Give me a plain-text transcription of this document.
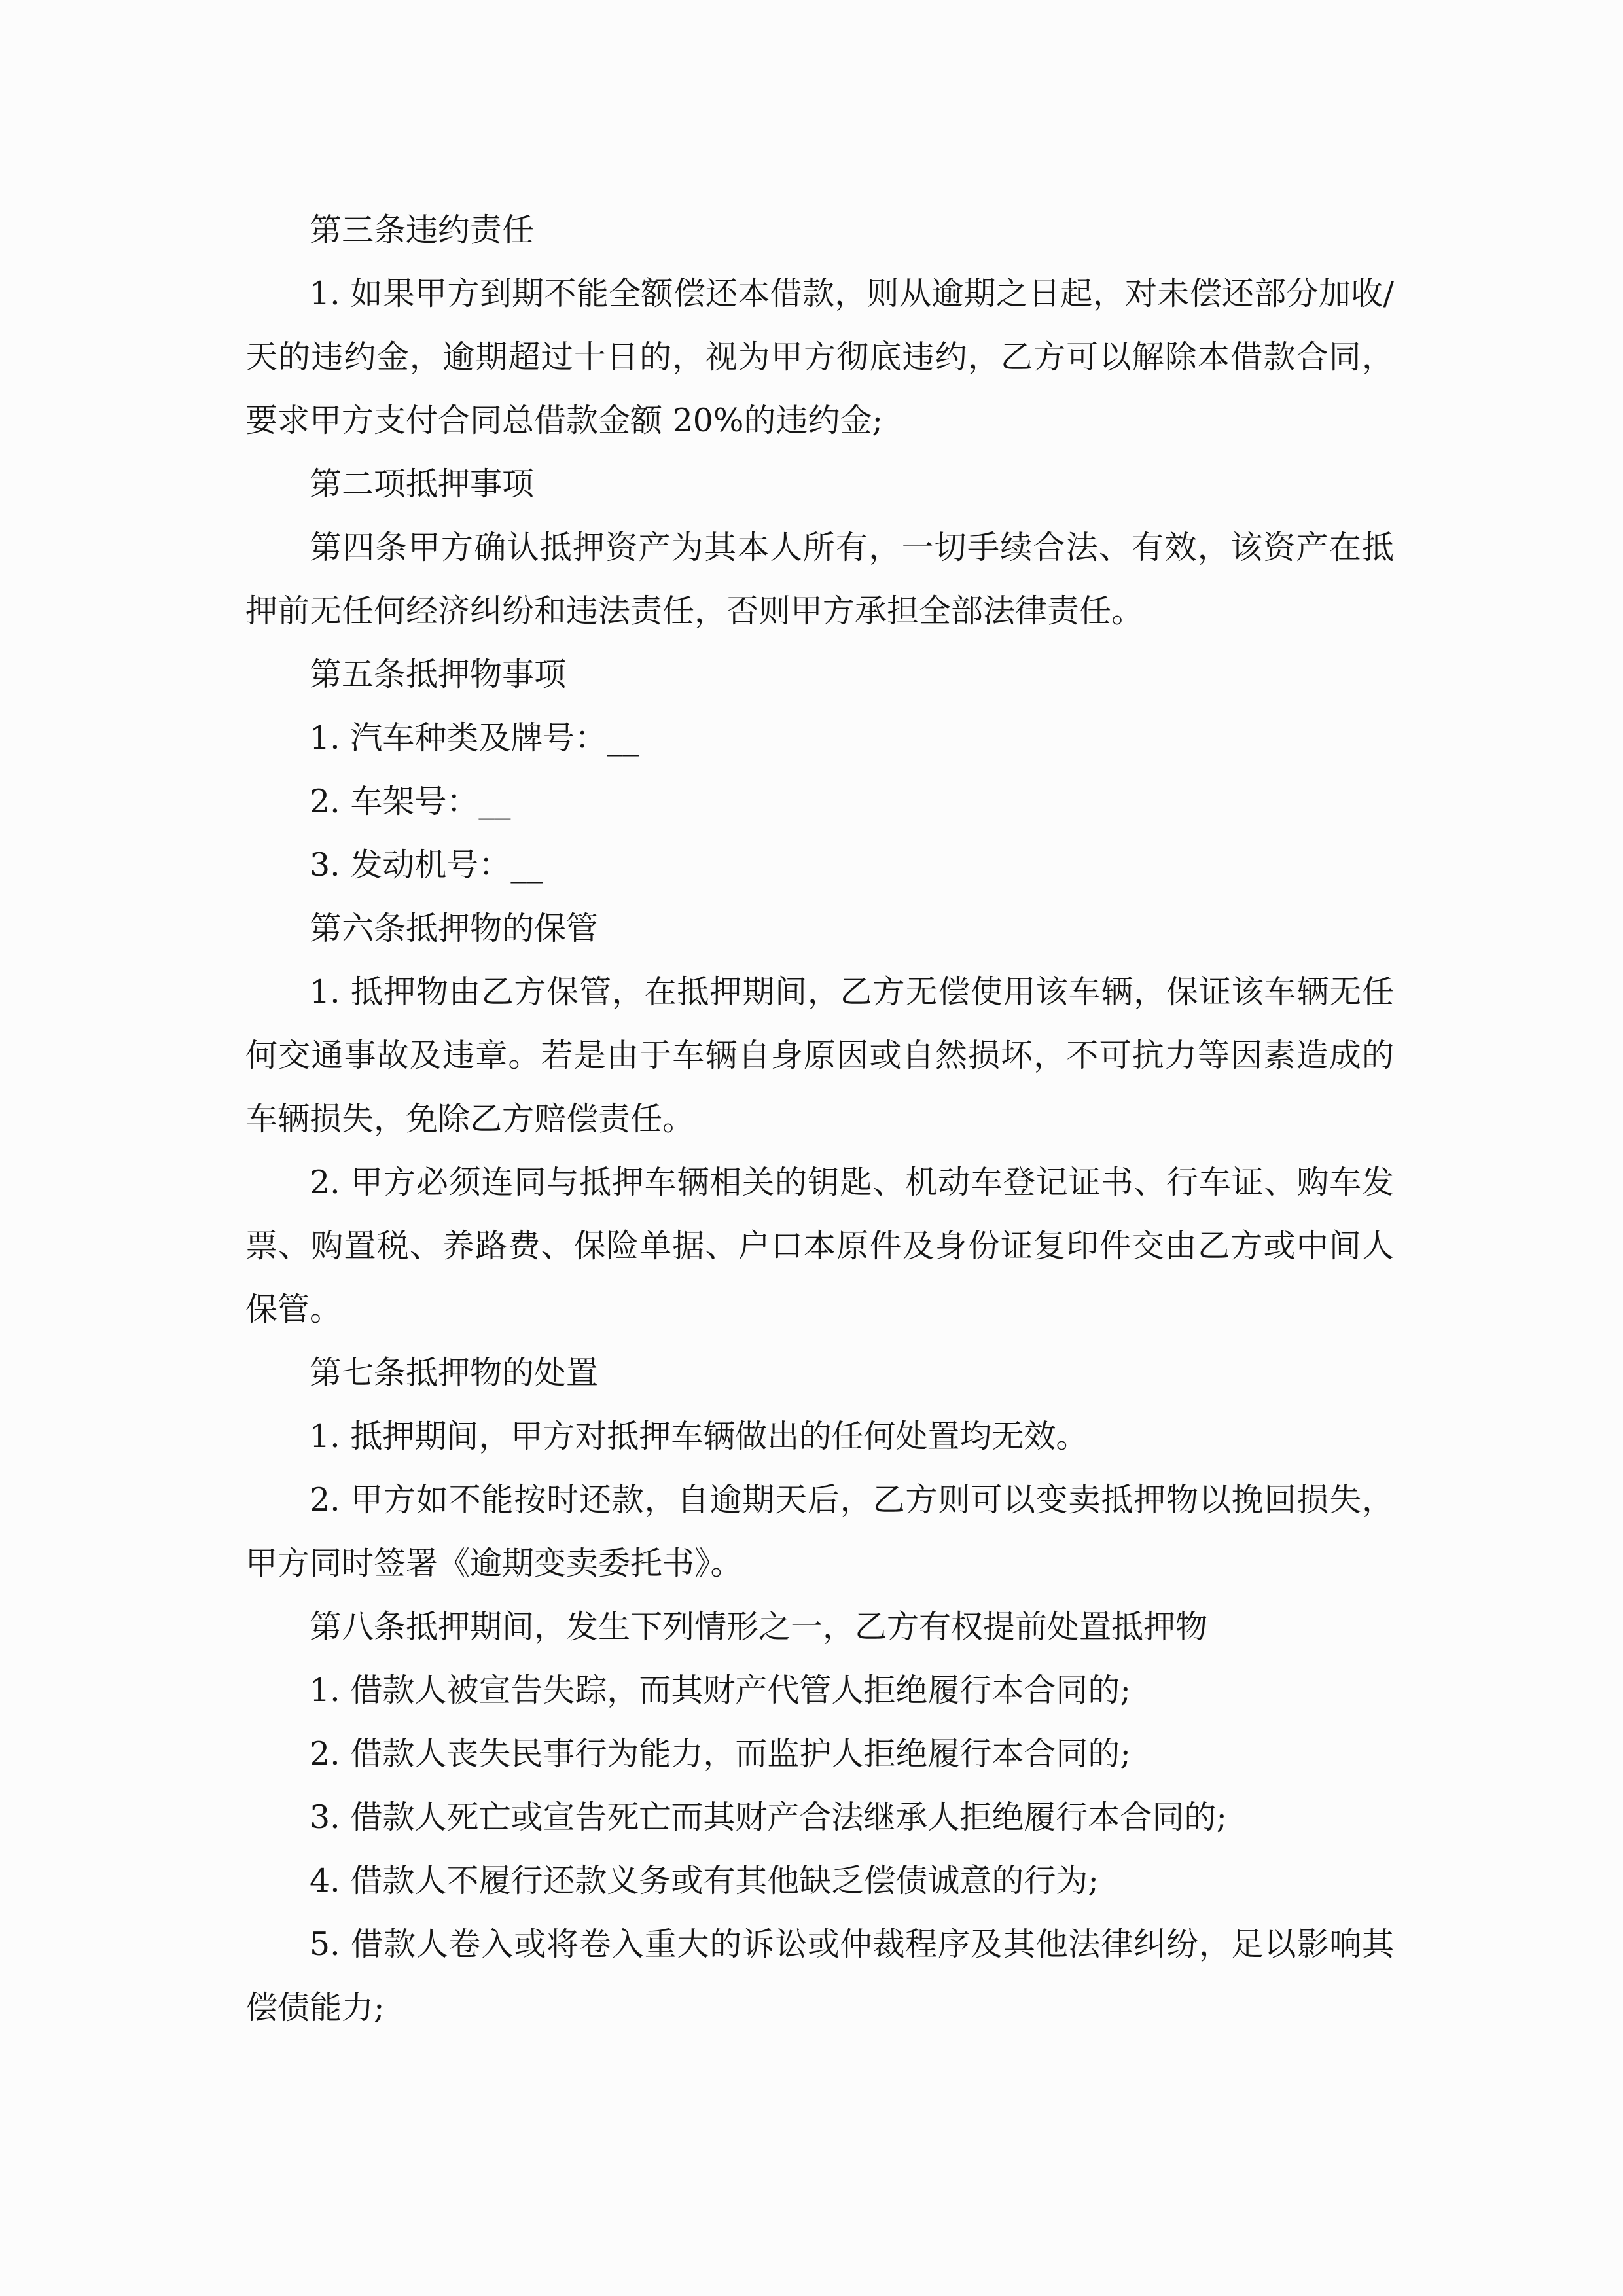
第三条违约责任

1. 如果甲方到期不能全额偿还本借款，则从逾期之日起，对未偿还部分加收/ 天的违约金，逾期超过十日的，视为甲方彻底违约，乙方可以解除本借款合同，要求甲方支付合同总借款金额 20%的违约金;

第二项抵押事项

第四条甲方确认抵押资产为其本人所有，一切手续合法、有效，该资产在抵押前无任何经济纠纷和违法责任，否则甲方承担全部法律责任。

第五条抵押物事项

1. 汽车种类及牌号：__

2. 车架号：__

3. 发动机号：__

第六条抵押物的保管

1. 抵押物由乙方保管，在抵押期间，乙方无偿使用该车辆，保证该车辆无任何交通事故及违章。若是由于车辆自身原因或自然损坏，不可抗力等因素造成的车辆损失，免除乙方赔偿责任。

2. 甲方必须连同与抵押车辆相关的钥匙、机动车登记证书、行车证、购车发票、购置税、养路费、保险单据、户口本原件及身份证复印件交由乙方或中间人保管。

第七条抵押物的处置

1. 抵押期间，甲方对抵押车辆做出的任何处置均无效。

2. 甲方如不能按时还款，自逾期天后，乙方则可以变卖抵押物以挽回损失，甲方同时签署《逾期变卖委托书》。

第八条抵押期间，发生下列情形之一，乙方有权提前处置抵押物

1. 借款人被宣告失踪，而其财产代管人拒绝履行本合同的;

2. 借款人丧失民事行为能力，而监护人拒绝履行本合同的;

3. 借款人死亡或宣告死亡而其财产合法继承人拒绝履行本合同的;

4. 借款人不履行还款义务或有其他缺乏偿债诚意的行为;

5. 借款人卷入或将卷入重大的诉讼或仲裁程序及其他法律纠纷，足以影响其偿债能力;
